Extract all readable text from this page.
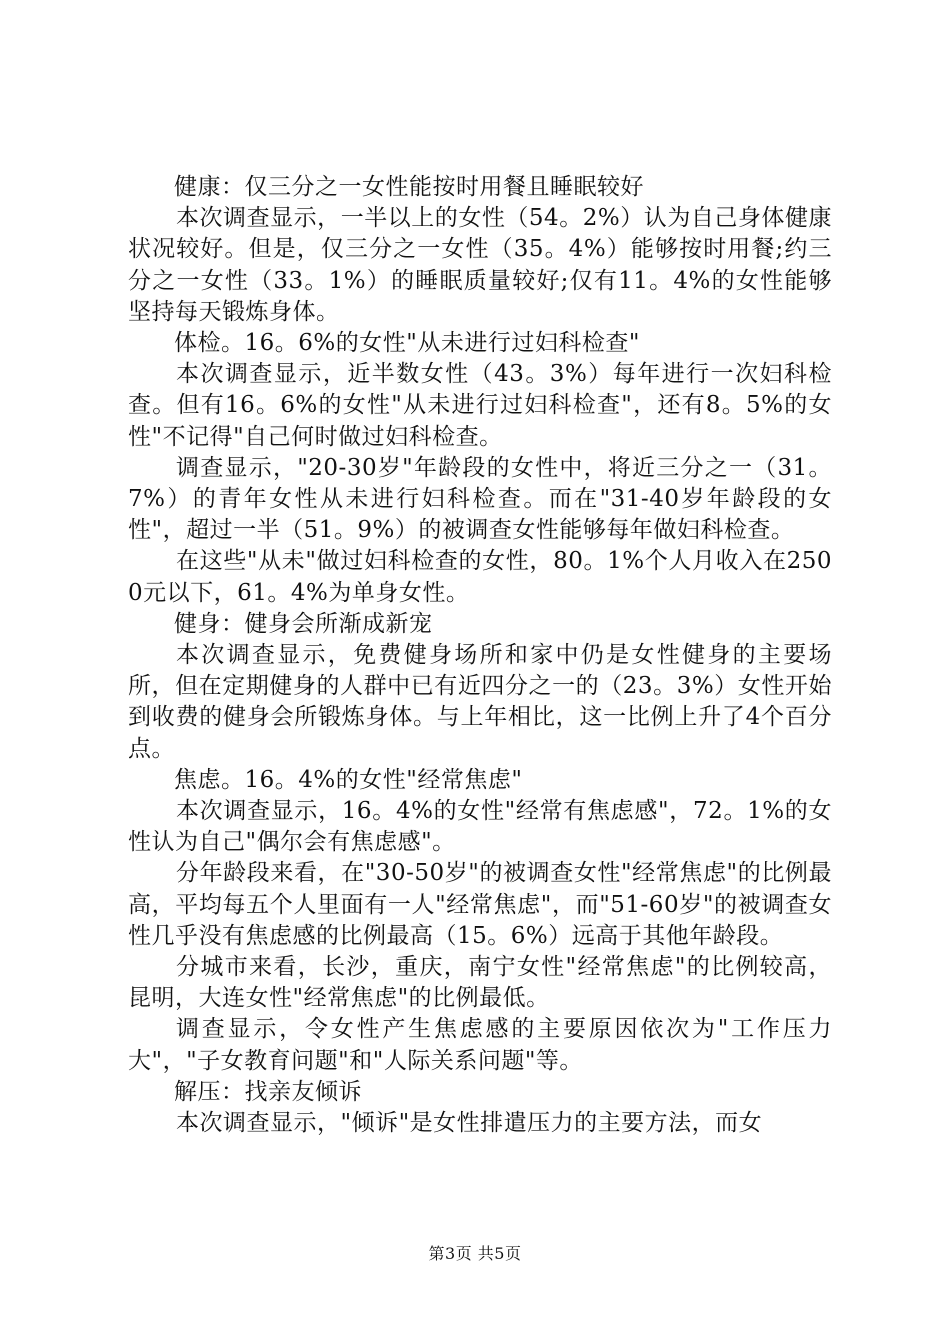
健康：仅三分之一女性能按时用餐且睡眠较好

本次调查显示，一半以上的女性（54。2%）认为自己身体健康状况较好。但是，仅三分之一女性（35。4%）能够按时用餐;约三分之一女性（33。1%）的睡眠质量较好;仅有11。4%的女性能够坚持每天锻炼身体。

体检。16。6%的女性"从未进行过妇科检查"

本次调查显示，近半数女性（43。3%）每年进行一次妇科检查。但有16。6%的女性"从未进行过妇科检查"，还有8。5%的女性"不记得"自己何时做过妇科检查。

调查显示，"20-30岁"年龄段的女性中，将近三分之一（31。7%）的青年女性从未进行妇科检查。而在"31-40岁年龄段的女性"，超过一半（51。9%）的被调查女性能够每年做妇科检查。

在这些"从未"做过妇科检查的女性，80。1%个人月收入在2500元以下，61。4%为单身女性。

健身：健身会所渐成新宠

本次调查显示，免费健身场所和家中仍是女性健身的主要场所，但在定期健身的人群中已有近四分之一的（23。3%）女性开始到收费的健身会所锻炼身体。与上年相比，这一比例上升了4个百分点。

焦虑。16。4%的女性"经常焦虑"

本次调查显示，16。4%的女性"经常有焦虑感"，72。1%的女性认为自己"偶尔会有焦虑感"。

分年龄段来看，在"30-50岁"的被调查女性"经常焦虑"的比例最高，平均每五个人里面有一人"经常焦虑"，而"51-60岁"的被调查女性几乎没有焦虑感的比例最高（15。6%）远高于其他年龄段。

分城市来看，长沙，重庆，南宁女性"经常焦虑"的比例较高，昆明，大连女性"经常焦虑"的比例最低。

调查显示，令女性产生焦虑感的主要原因依次为"工作压力大"，"子女教育问题"和"人际关系问题"等。

解压：找亲友倾诉

本次调查显示，"倾诉"是女性排遣压力的主要方法，而女

第3页 共5页
